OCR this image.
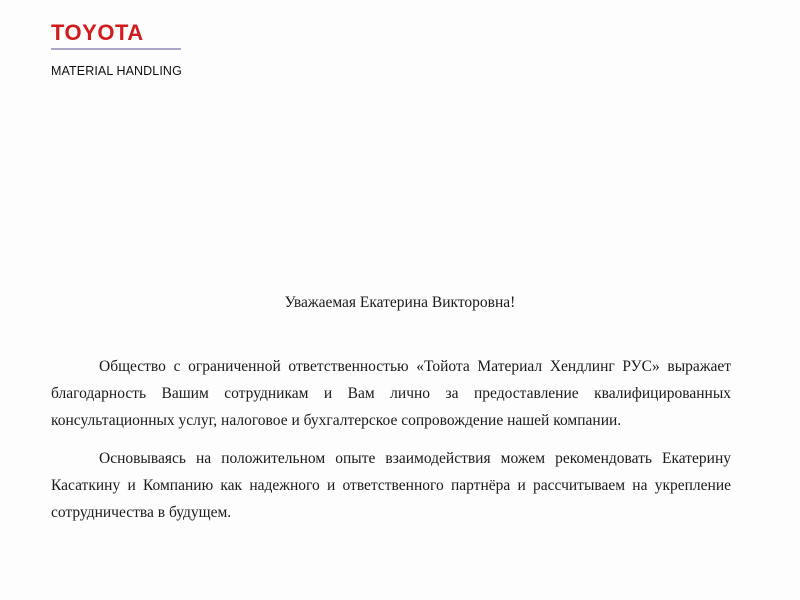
TOYOTA
MATERIAL HANDLING
Уважаемая Екатерина Викторовна!

Общество с ограниченной ответственностью «Тойота Материал Хендлинг РУС» выражает благодарность Вашим сотрудникам и Вам лично за предоставление квалифицированных консультационных услуг, налоговое и бухгалтерское сопровождение нашей компании.

Основываясь на положительном опыте взаимодействия можем рекомендовать Екатерину Касаткину и Компанию как надежного и ответственного партнёра и рассчитываем на укрепление сотрудничества в будущем.
